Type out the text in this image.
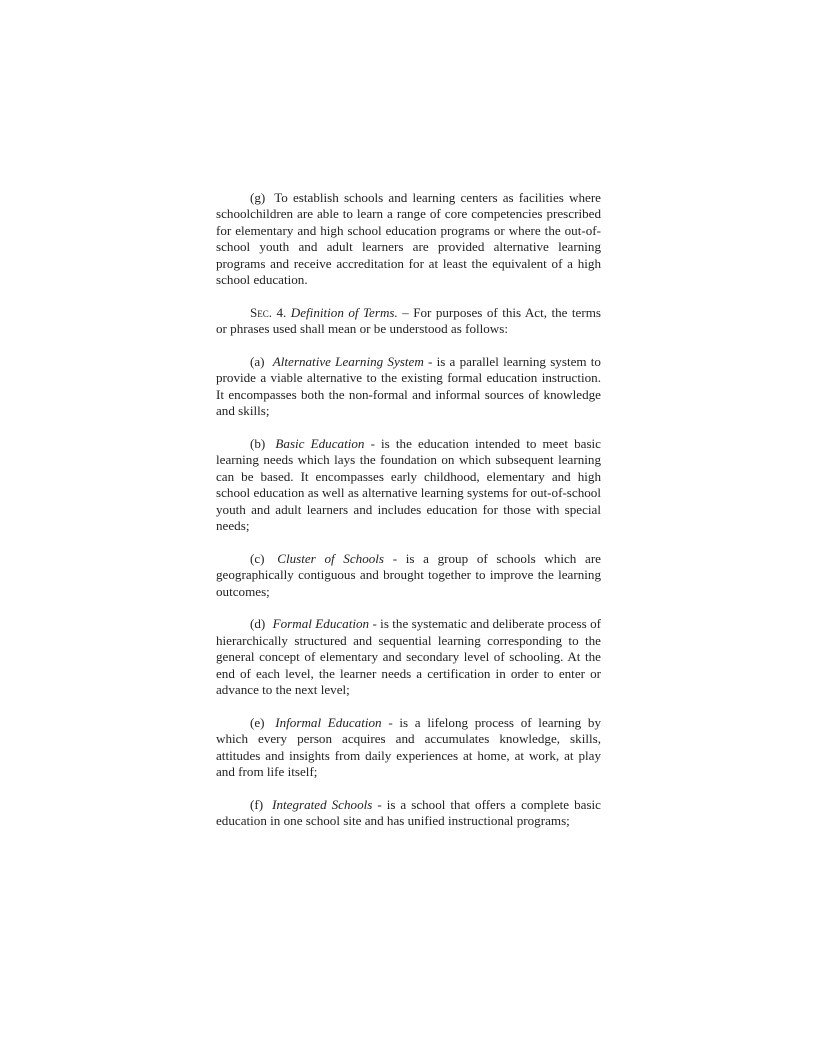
(g) To establish schools and learning centers as facilities where schoolchildren are able to learn a range of core competencies prescribed for elementary and high school education programs or where the out-of-school youth and adult learners are provided alternative learning programs and receive accreditation for at least the equivalent of a high school education.

Sec. 4. Definition of Terms. – For purposes of this Act, the terms or phrases used shall mean or be understood as follows:

(a) Alternative Learning System - is a parallel learning system to provide a viable alternative to the existing formal education instruction. It encompasses both the non-formal and informal sources of knowledge and skills;

(b) Basic Education - is the education intended to meet basic learning needs which lays the foundation on which subsequent learning can be based. It encompasses early childhood, elementary and high school education as well as alternative learning systems for out-of-school youth and adult learners and includes education for those with special needs;

(c) Cluster of Schools - is a group of schools which are geographically contiguous and brought together to improve the learning outcomes;

(d) Formal Education - is the systematic and deliberate process of hierarchically structured and sequential learning corresponding to the general concept of elementary and secondary level of schooling. At the end of each level, the learner needs a certification in order to enter or advance to the next level;

(e) Informal Education - is a lifelong process of learning by which every person acquires and accumulates knowledge, skills, attitudes and insights from daily experiences at home, at work, at play and from life itself;

(f) Integrated Schools - is a school that offers a complete basic education in one school site and has unified instructional programs;
